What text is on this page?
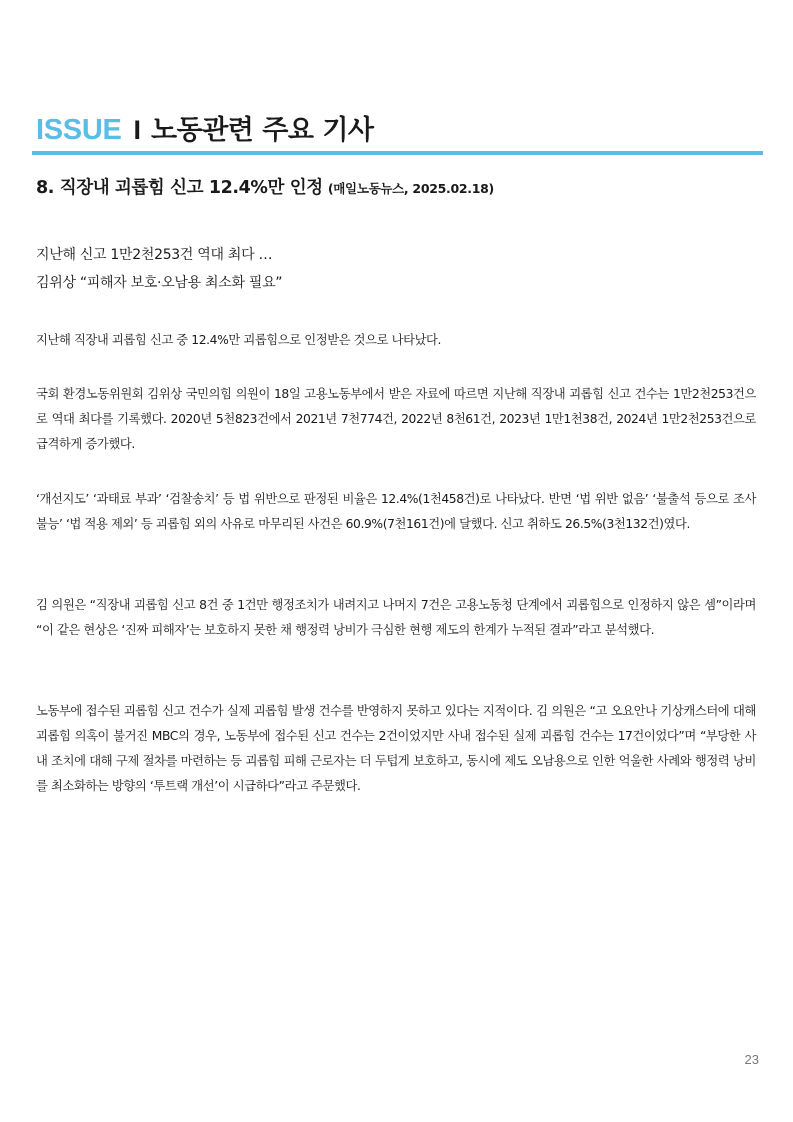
ISSUE I 노동관련 주요 기사
8. 직장내 괴롭힘 신고 12.4%만 인정 (매일노동뉴스, 2025.02.18)
지난해 신고 1만2천253건 역대 최다 …
김위상 “피해자 보호·오남용 최소화 필요”
지난해 직장내 괴롭힘 신고 중 12.4%만 괴롭힘으로 인정받은 것으로 나타났다.
국회 환경노동위원회 김위상 국민의힘 의원이 18일 고용노동부에서 받은 자료에 따르면 지난해 직장내 괴롭힘 신고 건수는 1만2천253건으로 역대 최다를 기록했다. 2020년 5천823건에서 2021년 7천774건, 2022년 8천61건, 2023년 1만1천38건, 2024년 1만2천253건으로 급격하게 증가했다.
‘개선지도’ ‘과태료 부과’ ‘검찰송치’ 등 법 위반으로 판정된 비율은 12.4%(1천458건)로 나타났다. 반면 ‘법 위반 없음’ ‘불출석 등으로 조사 불능’ ‘법 적용 제외’ 등 괴롭힘 외의 사유로 마무리된 사건은 60.9%(7천161건)에 달했다. 신고 취하도 26.5%(3천132건)였다.
김 의원은 “직장내 괴롭힘 신고 8건 중 1건만 행정조치가 내려지고 나머지 7건은 고용노동청 단계에서 괴롭힘으로 인정하지 않은 셈”이라며 “이 같은 현상은 ‘진짜 피해자’는 보호하지 못한 채 행정력 낭비가 극심한 현행 제도의 한계가 누적된 결과”라고 분석했다.
노동부에 접수된 괴롭힘 신고 건수가 실제 괴롭힘 발생 건수를 반영하지 못하고 있다는 지적이다. 김 의원은 “고 오요안나 기상캐스터에 대해 괴롭힘 의혹이 불거진 MBC의 경우, 노동부에 접수된 신고 건수는 2건이었지만 사내 접수된 실제 괴롭힘 건수는 17건이었다”며 “부당한 사내 조치에 대해 구제 절차를 마련하는 등 괴롭힘 피해 근로자는 더 두텁게 보호하고, 동시에 제도 오남용으로 인한 억울한 사례와 행정력 낭비를 최소화하는 방향의 ‘투트랙 개선’이 시급하다”라고 주문했다.
23
